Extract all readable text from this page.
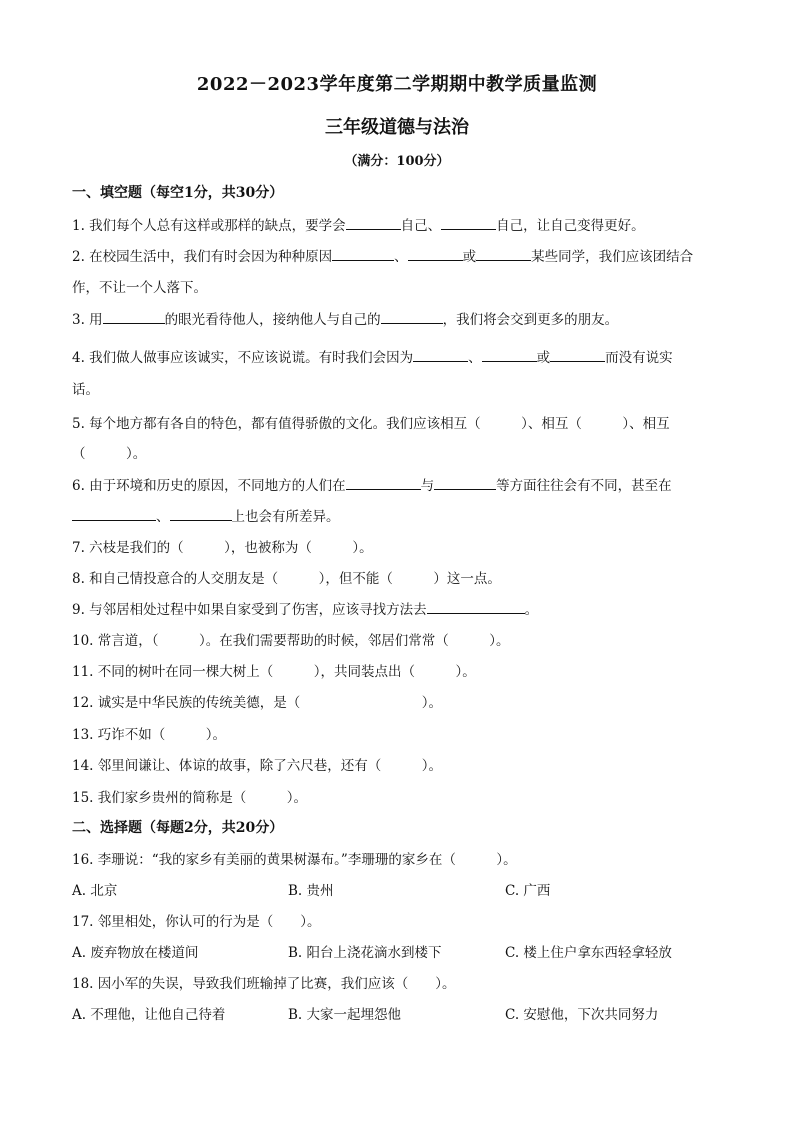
2022－2023学年度第二学期期中教学质量监测
三年级道德与法治
（满分：100分）
一、填空题（每空1分，共30分）
1. 我们每个人总有这样或那样的缺点，要学会	自己、	自己，让自己变得更好。
2. 在校园生活中，我们有时会因为种种原因	、	或	某些同学，我们应该团结合
作，不让一个人落下。
3. 用	的眼光看待他人，接纳他人与自己的	，我们将会交到更多的朋友。
4. 我们做人做事应该诚实，不应该说谎。有时我们会因为	、	或	而没有说实
话。
5. 每个地方都有各自的特色，都有值得骄傲的文化。我们应该相互（　　　）、相互（　　　）、相互
（　　　）。
6. 由于环境和历史的原因，不同地方的人们在	与	等方面往往会有不同，甚至在
、	上也会有所差异。
7. 六枝是我们的（　　　），也被称为（　　　）。
8. 和自己情投意合的人交朋友是（　　　），但不能（　　　）这一点。
9. 与邻居相处过程中如果自家受到了伤害，应该寻找方法去	。
10. 常言道，（　　　）。在我们需要帮助的时候，邻居们常常（　　　）。
11. 不同的树叶在同一棵大树上（　　　），共同装点出（　　　）。
12. 诚实是中华民族的传统美德，是（　　　　　　　　　）。
13. 巧诈不如（　　　）。
14. 邻里间谦让、体谅的故事，除了六尺巷，还有（　　　）。
15. 我们家乡贵州的简称是（　　　）。
二、选择题（每题2分，共20分）
16. 李珊说：“我的家乡有美丽的黄果树瀑布。”李珊珊的家乡在（　　　）。
A. 北京	B. 贵州	C. 广西
17. 邻里相处，你认可的行为是（　　）。
A. 废弃物放在楼道间	B. 阳台上浇花滴水到楼下	C. 楼上住户拿东西轻拿轻放
18. 因小军的失误，导致我们班输掉了比赛，我们应该（　　）。
A. 不理他，让他自己待着	B. 大家一起埋怨他	C. 安慰他，下次共同努力
